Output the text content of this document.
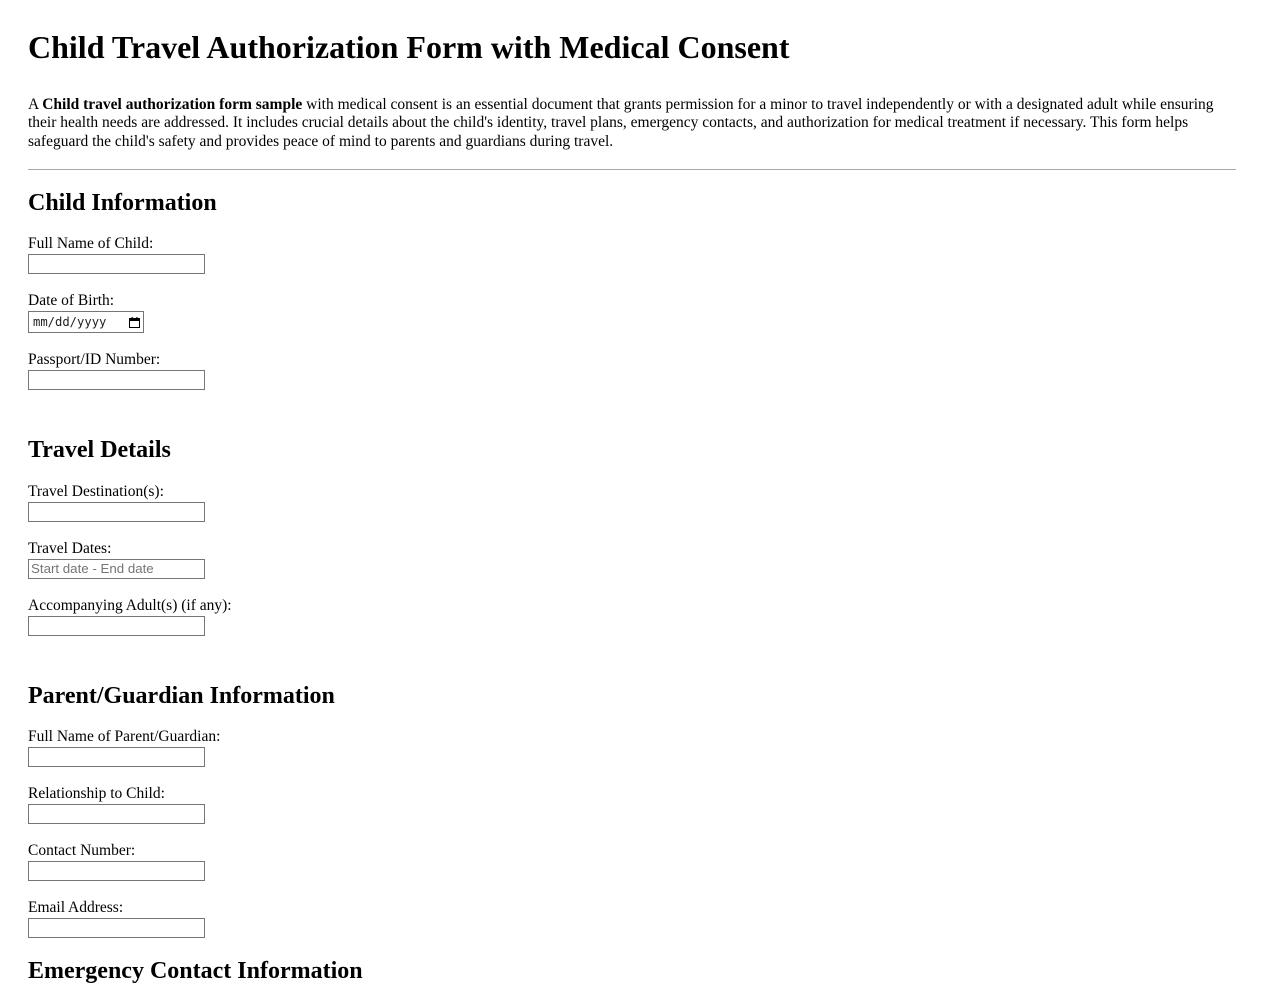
Child Travel Authorization Form with Medical Consent

A Child travel authorization form sample with medical consent is an essential document that grants permission for a minor to travel independently or with a designated adult while ensuring their health needs are addressed. It includes crucial details about the child's identity, travel plans, emergency contacts, and authorization for medical treatment if necessary. This form helps safeguard the child's safety and provides peace of mind to parents and guardians during travel.

Child Information
Full Name of Child:
Date of Birth:
mm/dd/yyyy
Passport/ID Number:
Travel Details
Travel Destination(s):
Travel Dates:
Start date - End date
Accompanying Adult(s) (if any):
Parent/Guardian Information
Full Name of Parent/Guardian:
Relationship to Child:
Contact Number:
Email Address:
Emergency Contact Information
